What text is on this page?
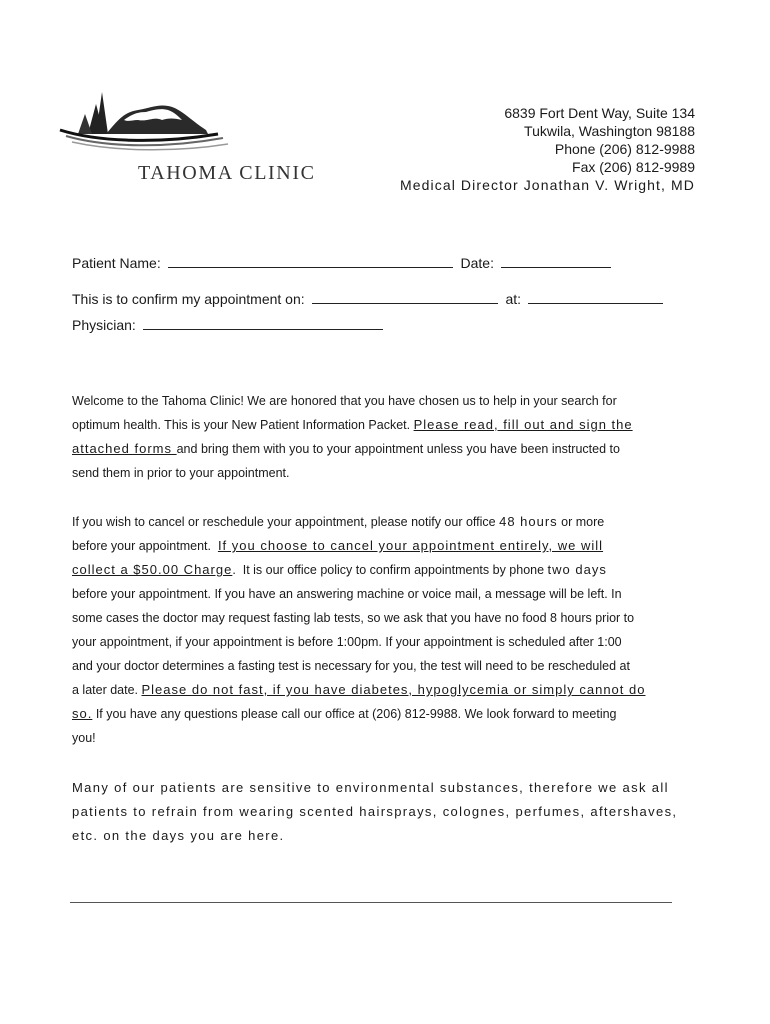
TAHOMA CLINIC
6839 Fort Dent Way, Suite 134
Tukwila, Washington 98188
Phone (206) 812-9988
Fax (206) 812-9989
Medical Director Jonathan V. Wright, MD
Patient Name:	Date:
This is to confirm my appointment on:	at:
Physician:
Welcome to the Tahoma Clinic! We are honored that you have chosen us to help in your search for
optimum health. This is your New Patient Information Packet. Please read, fill out and sign the
attached forms and bring them with you to your appointment unless you have been instructed to
send them in prior to your appointment.
If you wish to cancel or reschedule your appointment, please notify our office 48 hours or more
before your appointment.  If you choose to cancel your appointment entirely, we will
collect a $50.00 Charge.  It is our office policy to confirm appointments by phone two days
before your appointment. If you have an answering machine or voice mail, a message will be left. In
some cases the doctor may request fasting lab tests, so we ask that you have no food 8 hours prior to
your appointment, if your appointment is before 1:00pm. If your appointment is scheduled after 1:00
and your doctor determines a fasting test is necessary for you, the test will need to be rescheduled at
a later date. Please do not fast, if you have diabetes, hypoglycemia or simply cannot do
so. If you have any questions please call our office at (206) 812-9988. We look forward to meeting
you!
Many of our patients are sensitive to environmental substances, therefore we ask all
patients to refrain from wearing scented hairsprays, colognes, perfumes, aftershaves,
etc. on the days you are here.
